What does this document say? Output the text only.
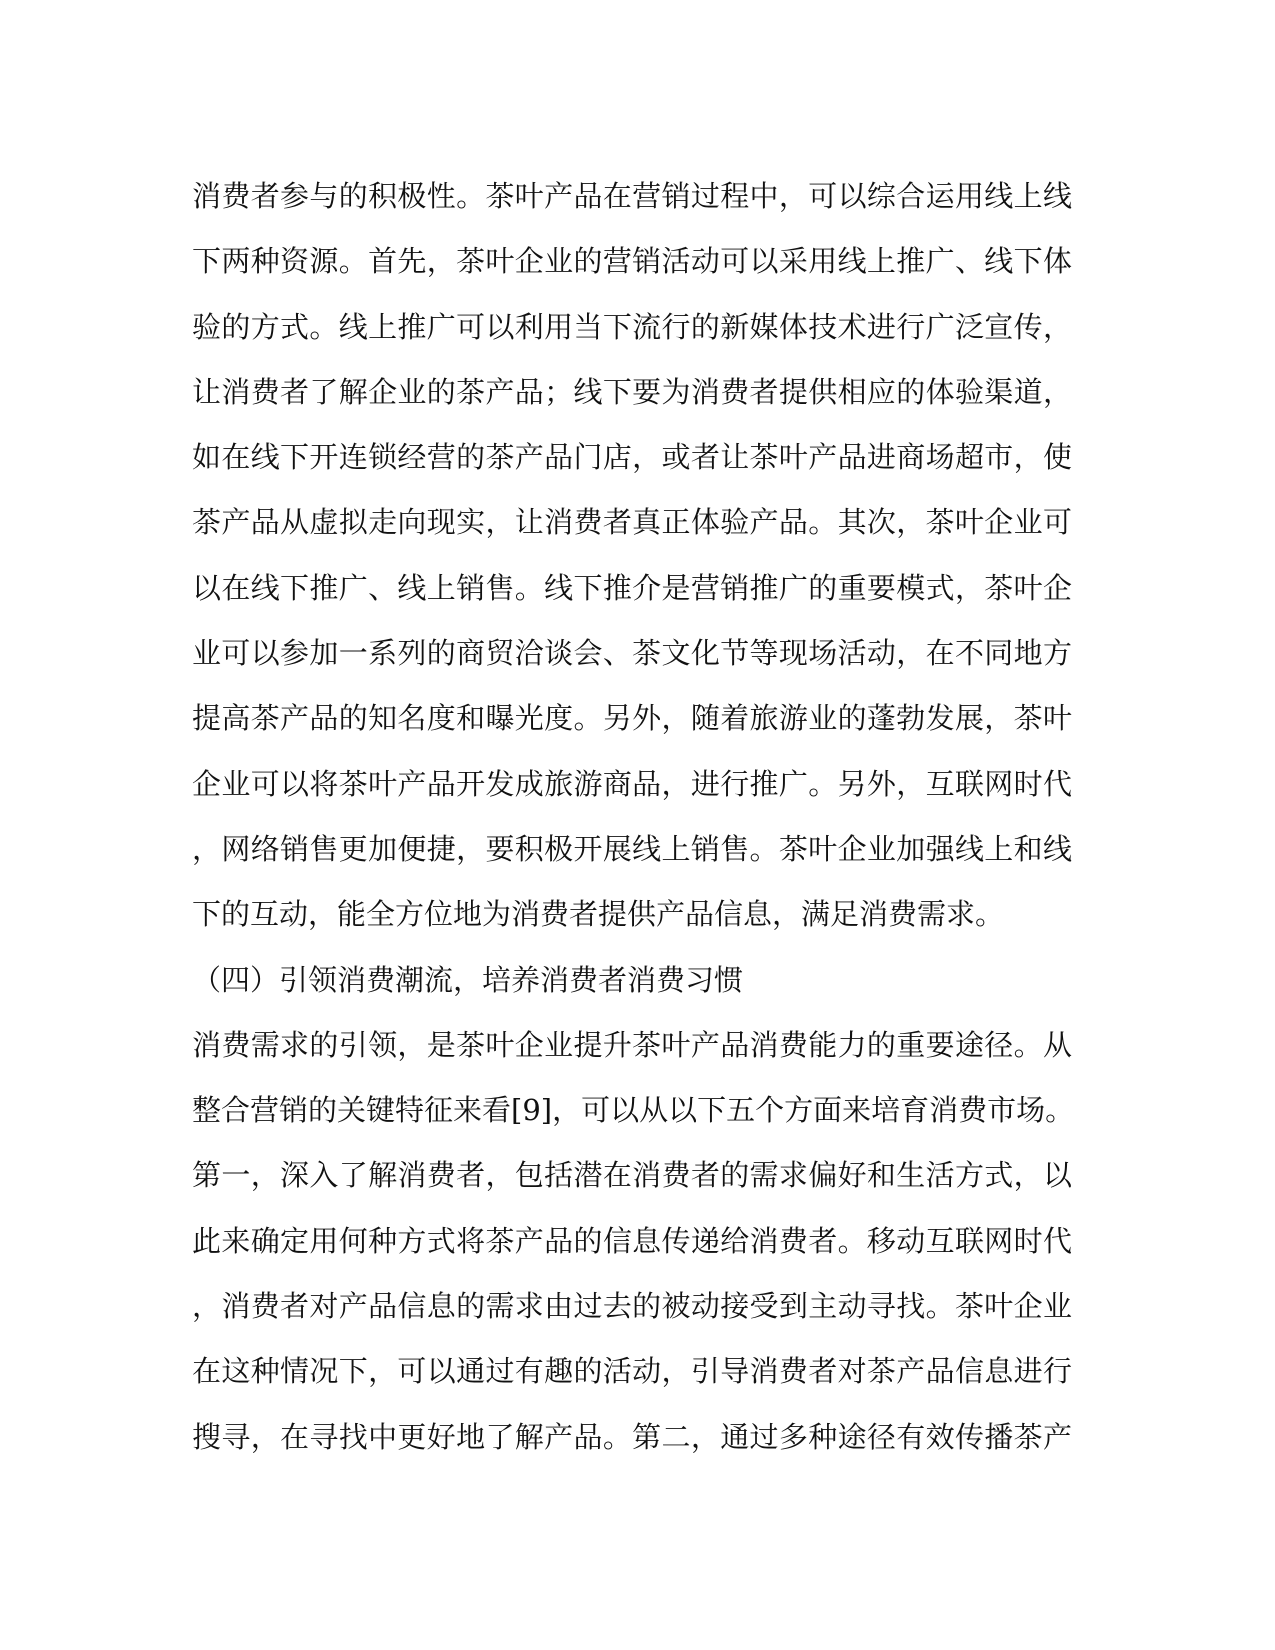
消费者参与的积极性。茶叶产品在营销过程中，可以综合运用线上线
下两种资源。首先，茶叶企业的营销活动可以采用线上推广、线下体
验的方式。线上推广可以利用当下流行的新媒体技术进行广泛宣传，
让消费者了解企业的茶产品；线下要为消费者提供相应的体验渠道，
如在线下开连锁经营的茶产品门店，或者让茶叶产品进商场超市，使
茶产品从虚拟走向现实，让消费者真正体验产品。其次，茶叶企业可
以在线下推广、线上销售。线下推介是营销推广的重要模式，茶叶企
业可以参加一系列的商贸洽谈会、茶文化节等现场活动，在不同地方
提高茶产品的知名度和曝光度。另外，随着旅游业的蓬勃发展，茶叶
企业可以将茶叶产品开发成旅游商品，进行推广。另外，互联网时代
，网络销售更加便捷，要积极开展线上销售。茶叶企业加强线上和线
下的互动，能全方位地为消费者提供产品信息，满足消费需求。
（四）引领消费潮流，培养消费者消费习惯
消费需求的引领，是茶叶企业提升茶叶产品消费能力的重要途径。从
整合营销的关键特征来看[9]，可以从以下五个方面来培育消费市场。
第一，深入了解消费者，包括潜在消费者的需求偏好和生活方式，以
此来确定用何种方式将茶产品的信息传递给消费者。移动互联网时代
，消费者对产品信息的需求由过去的被动接受到主动寻找。茶叶企业
在这种情况下，可以通过有趣的活动，引导消费者对茶产品信息进行
搜寻，在寻找中更好地了解产品。第二，通过多种途径有效传播茶产
